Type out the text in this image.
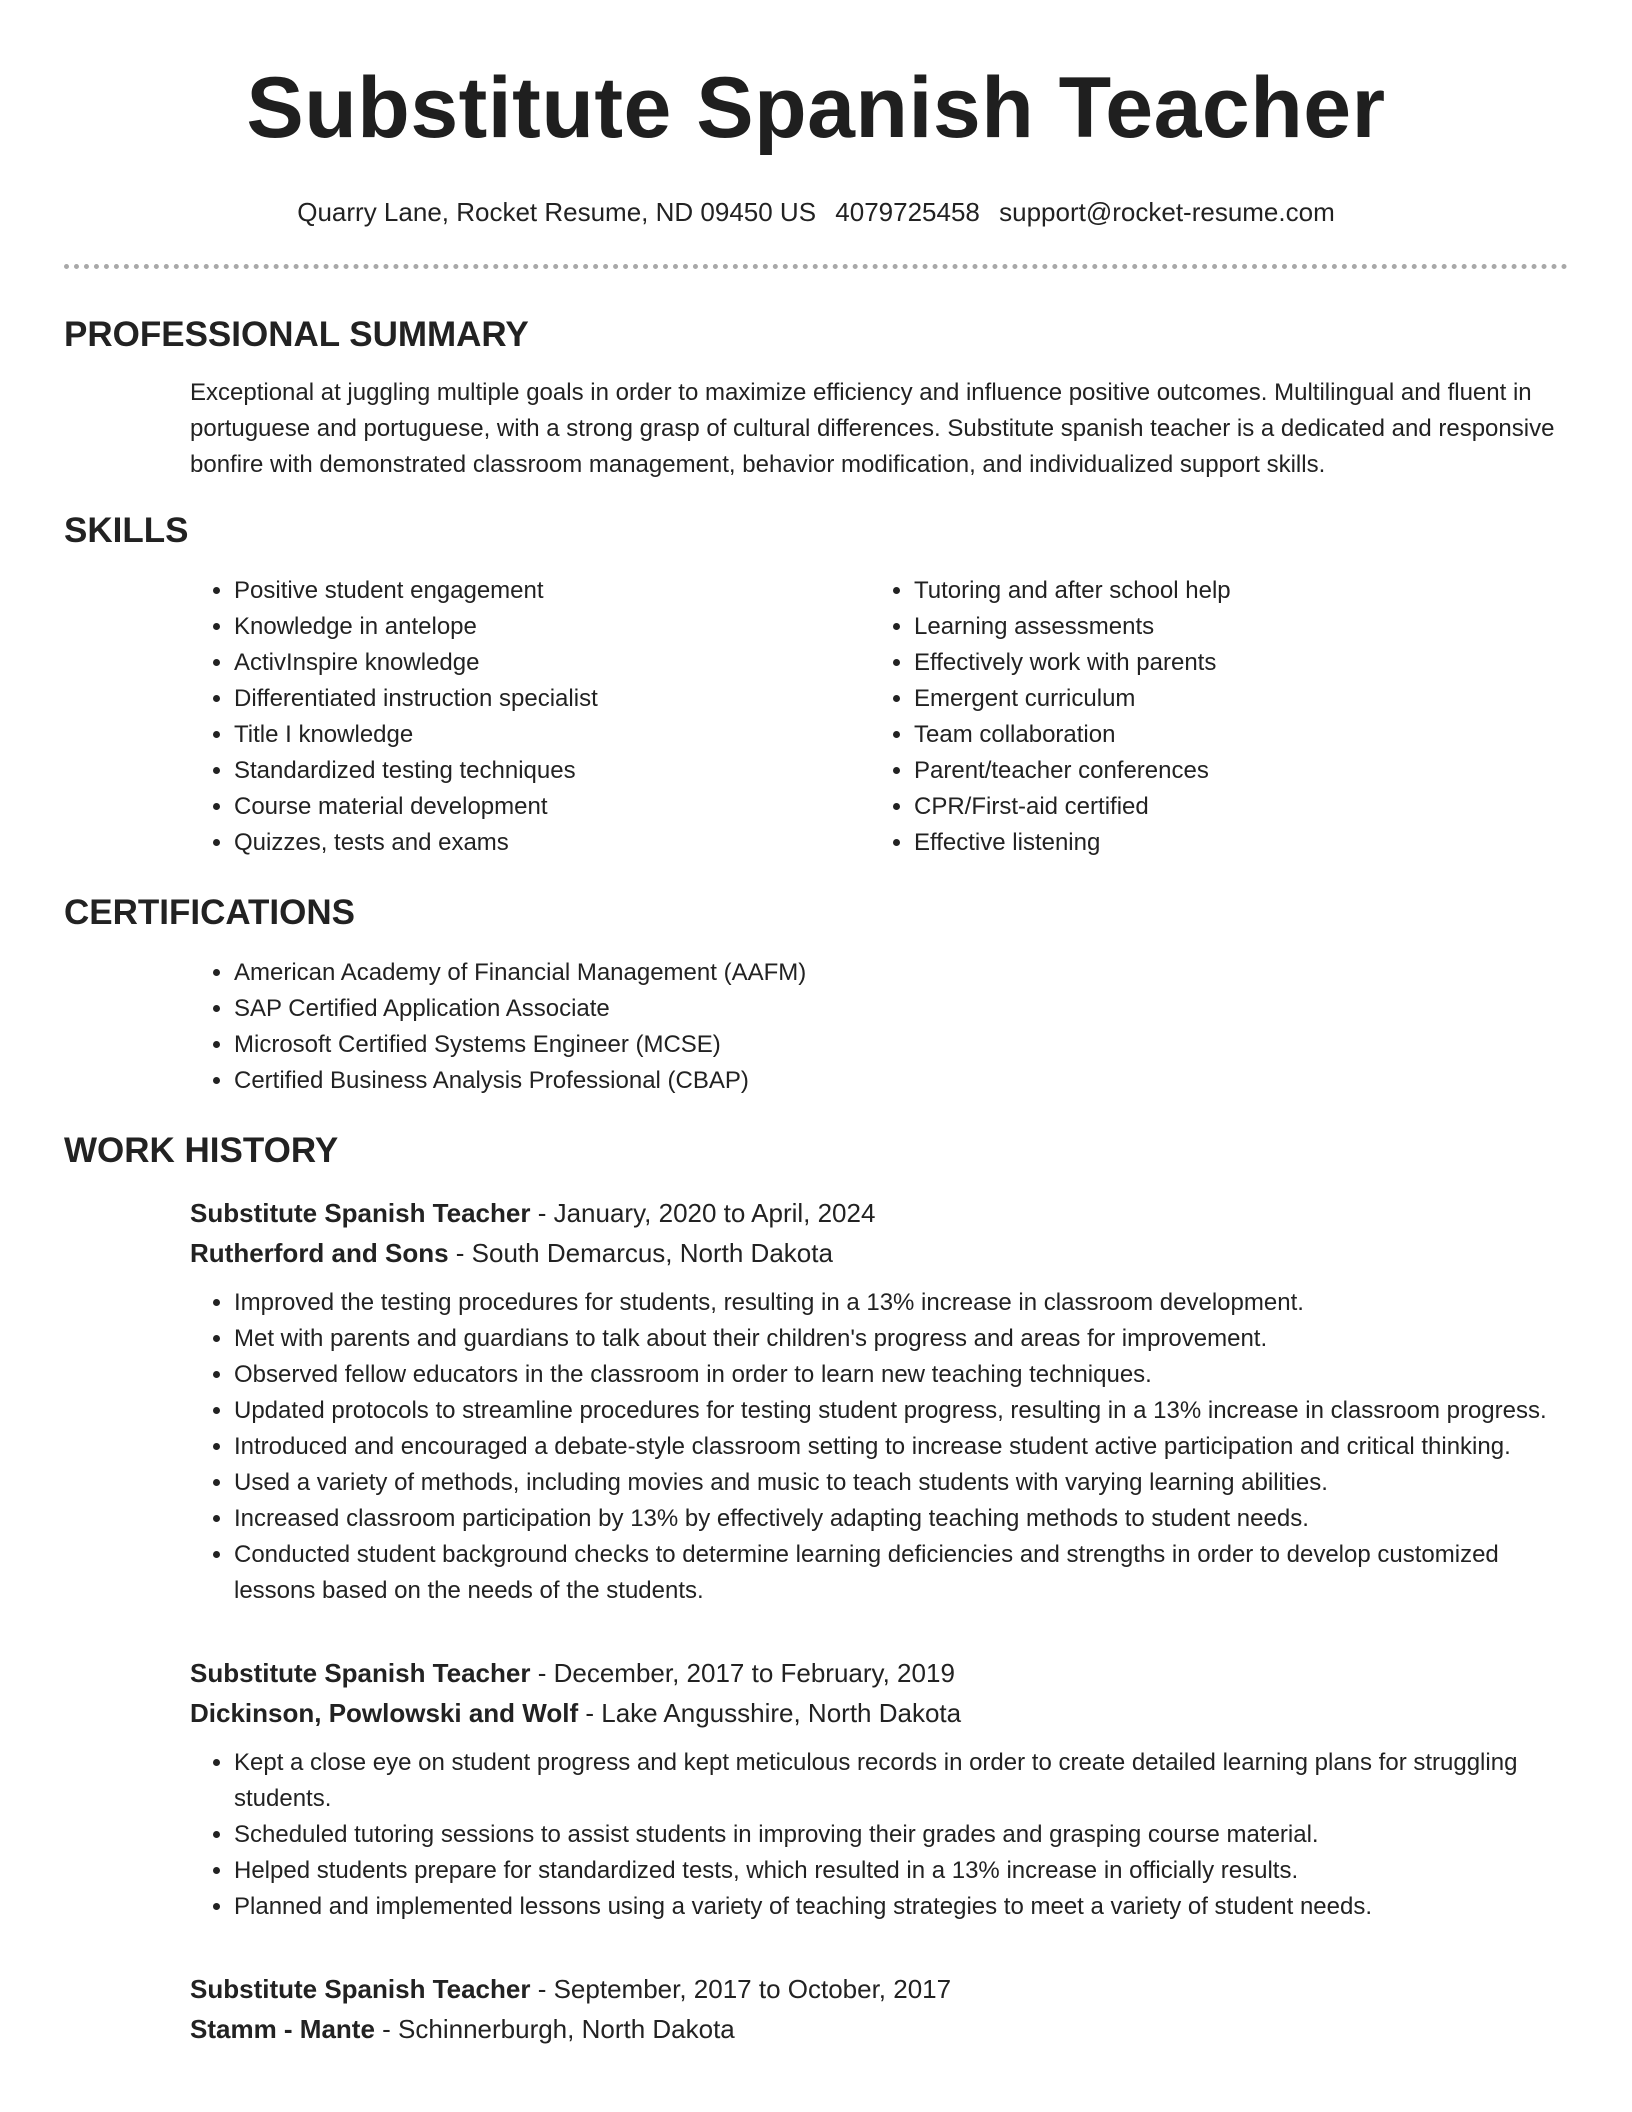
Substitute Spanish Teacher
Quarry Lane, Rocket Resume, ND 09450 US 4079725458 support@rocket-resume.com
PROFESSIONAL SUMMARY
Exceptional at juggling multiple goals in order to maximize efficiency and influence positive outcomes. Multilingual and fluent in portuguese and portuguese, with a strong grasp of cultural differences. Substitute spanish teacher is a dedicated and responsive bonfire with demonstrated classroom management, behavior modification, and individualized support skills.
SKILLS
• Positive student engagement
• Knowledge in antelope
• ActivInspire knowledge
• Differentiated instruction specialist
• Title I knowledge
• Standardized testing techniques
• Course material development
• Quizzes, tests and exams
• Tutoring and after school help
• Learning assessments
• Effectively work with parents
• Emergent curriculum
• Team collaboration
• Parent/teacher conferences
• CPR/First-aid certified
• Effective listening
CERTIFICATIONS
• American Academy of Financial Management (AAFM)
• SAP Certified Application Associate
• Microsoft Certified Systems Engineer (MCSE)
• Certified Business Analysis Professional (CBAP)
WORK HISTORY
Substitute Spanish Teacher - January, 2020 to April, 2024
Rutherford and Sons - South Demarcus, North Dakota
• Improved the testing procedures for students, resulting in a 13% increase in classroom development.
• Met with parents and guardians to talk about their children's progress and areas for improvement.
• Observed fellow educators in the classroom in order to learn new teaching techniques.
• Updated protocols to streamline procedures for testing student progress, resulting in a 13% increase in classroom progress.
• Introduced and encouraged a debate-style classroom setting to increase student active participation and critical thinking.
• Used a variety of methods, including movies and music to teach students with varying learning abilities.
• Increased classroom participation by 13% by effectively adapting teaching methods to student needs.
• Conducted student background checks to determine learning deficiencies and strengths in order to develop customized lessons based on the needs of the students.
Substitute Spanish Teacher - December, 2017 to February, 2019
Dickinson, Powlowski and Wolf - Lake Angusshire, North Dakota
• Kept a close eye on student progress and kept meticulous records in order to create detailed learning plans for struggling students.
• Scheduled tutoring sessions to assist students in improving their grades and grasping course material.
• Helped students prepare for standardized tests, which resulted in a 13% increase in officially results.
• Planned and implemented lessons using a variety of teaching strategies to meet a variety of student needs.
Substitute Spanish Teacher - September, 2017 to October, 2017
Stamm - Mante - Schinnerburgh, North Dakota
